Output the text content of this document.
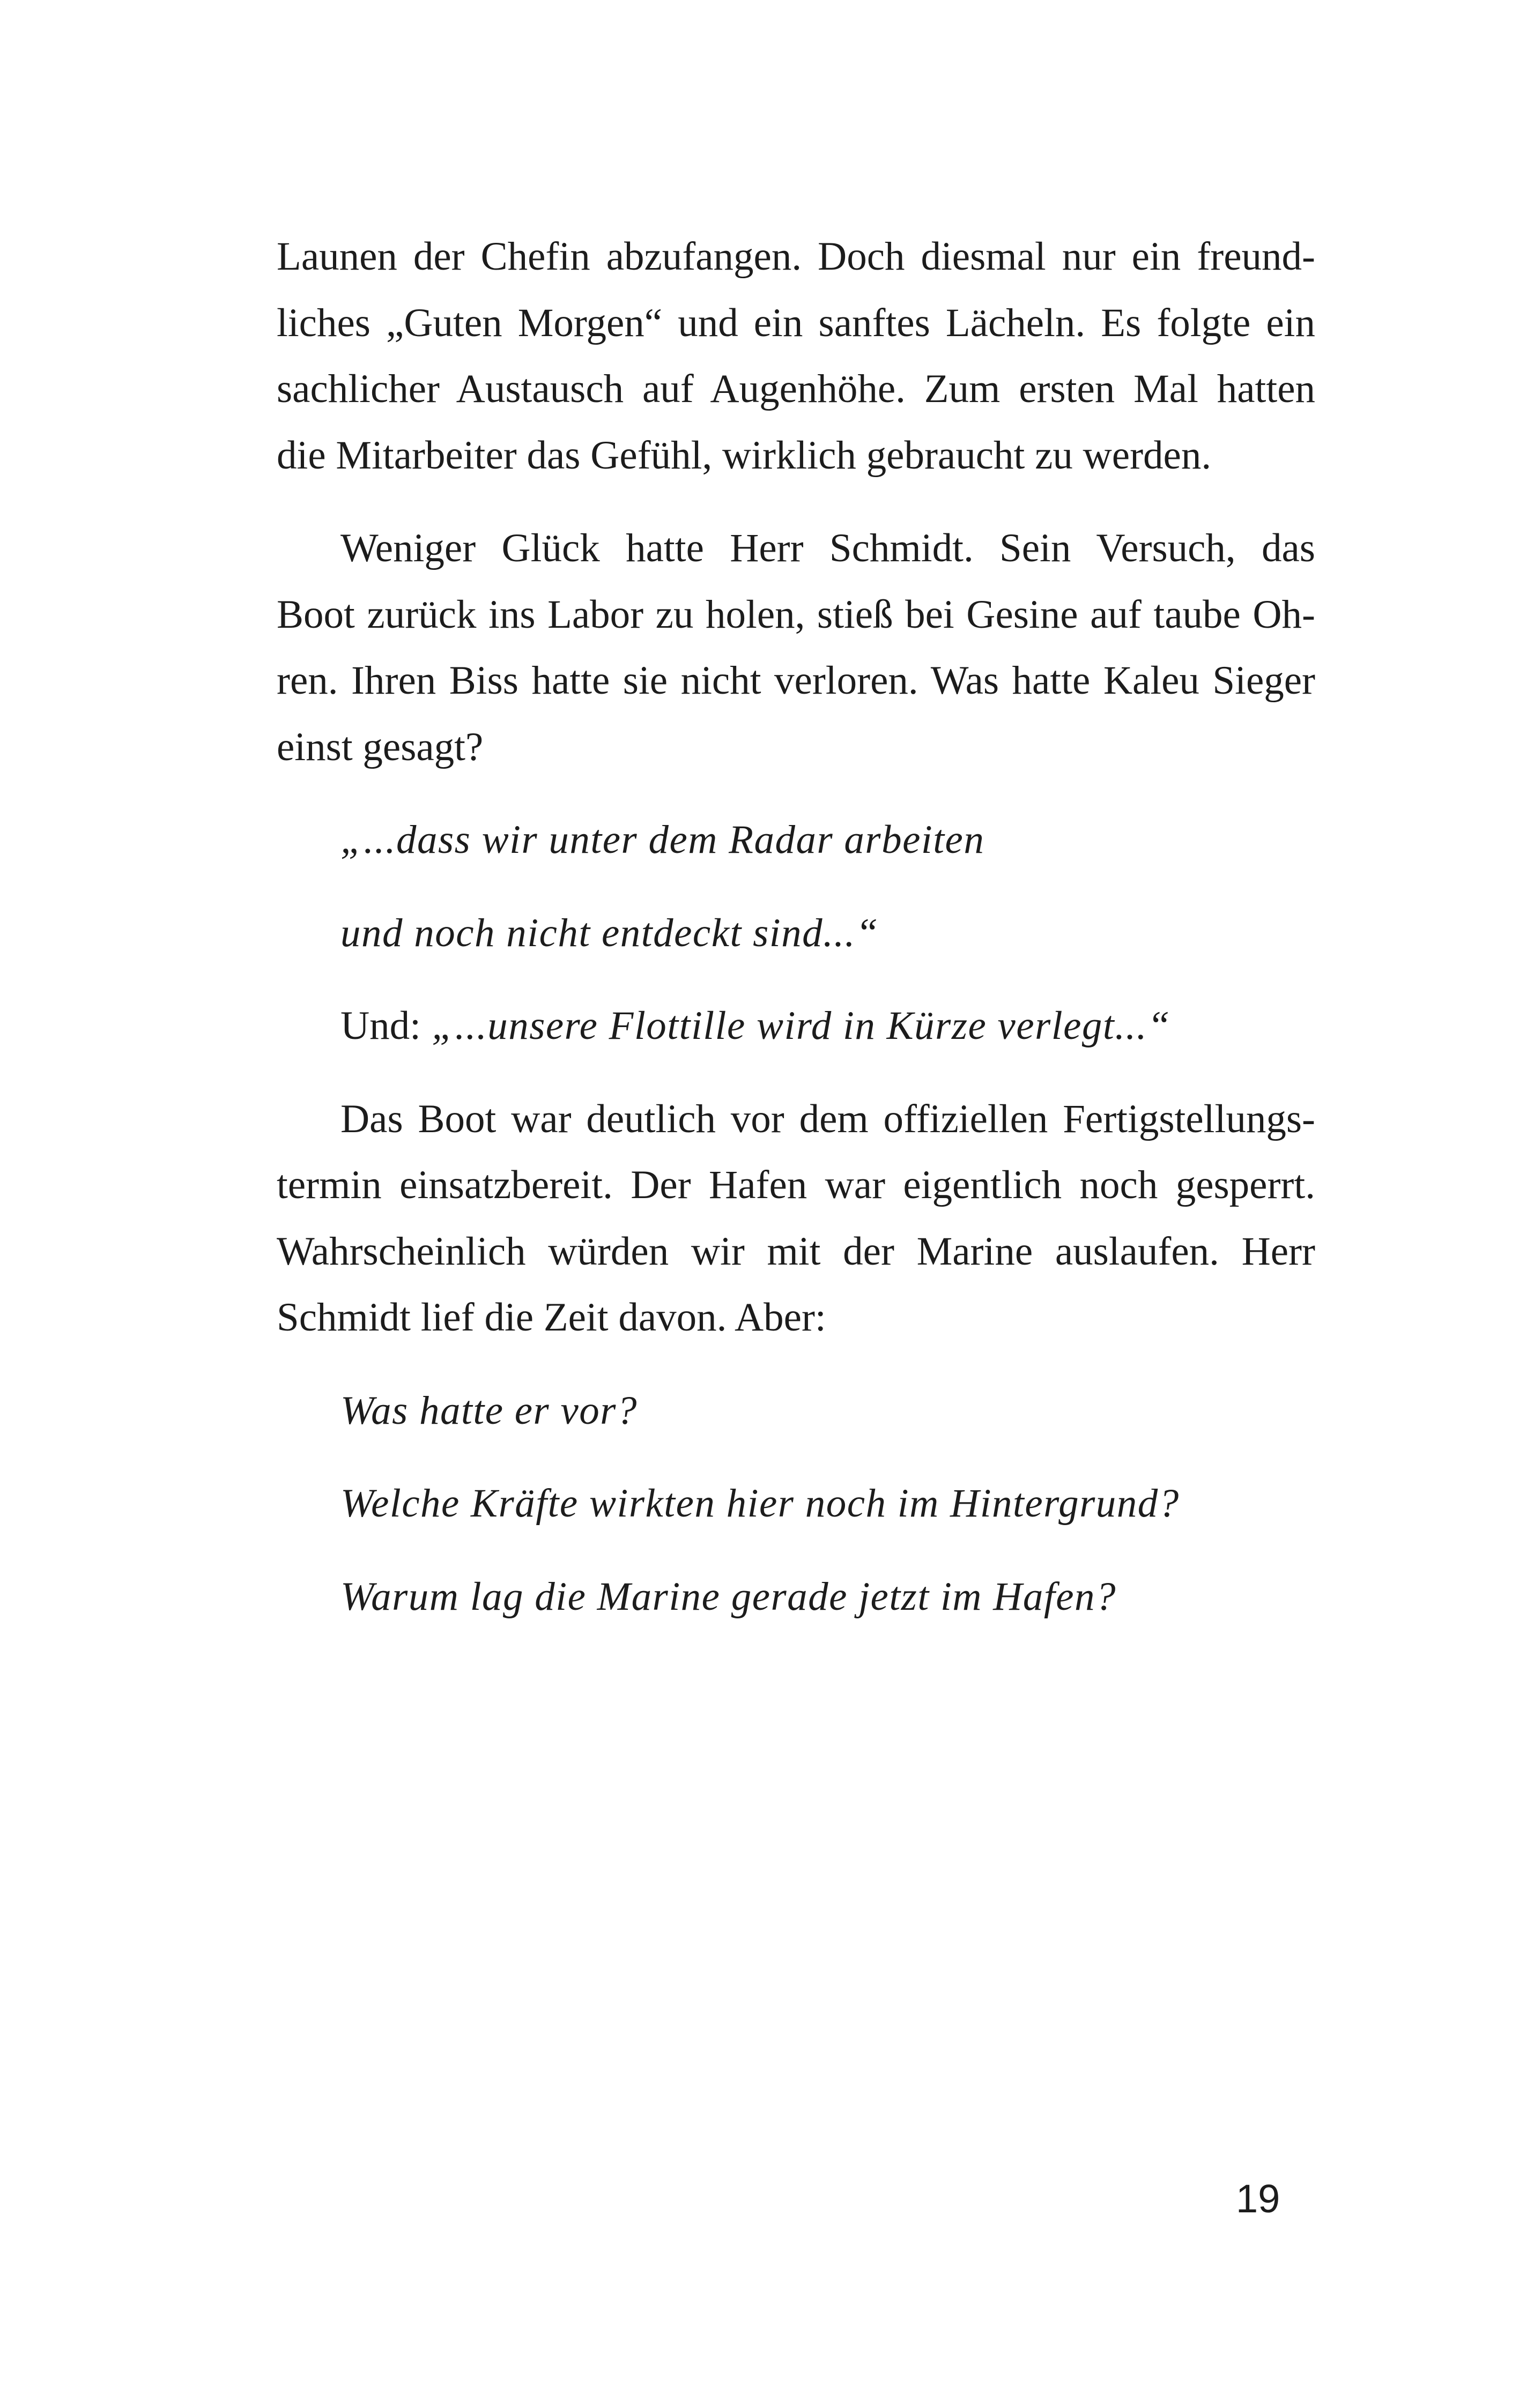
Launen der Chefin abzufangen. Doch diesmal nur ein freund-
liches „Guten Morgen“ und ein sanftes Lächeln. Es folgte ein
sachlicher Austausch auf Augenhöhe. Zum ersten Mal hatten
die Mitarbeiter das Gefühl, wirklich gebraucht zu werden.
Weniger Glück hatte Herr Schmidt. Sein Versuch, das
Boot zurück ins Labor zu holen, stieß bei Gesine auf taube Oh-
ren. Ihren Biss hatte sie nicht verloren. Was hatte Kaleu Sieger
einst gesagt?
„...dass wir unter dem Radar arbeiten
und noch nicht entdeckt sind...“
Und: „...unsere Flottille wird in Kürze verlegt...“
Das Boot war deutlich vor dem offiziellen Fertigstellungs-
termin einsatzbereit. Der Hafen war eigentlich noch gesperrt.
Wahrscheinlich würden wir mit der Marine auslaufen. Herr
Schmidt lief die Zeit davon. Aber:
Was hatte er vor?
Welche Kräfte wirkten hier noch im Hintergrund?
Warum lag die Marine gerade jetzt im Hafen?
19
